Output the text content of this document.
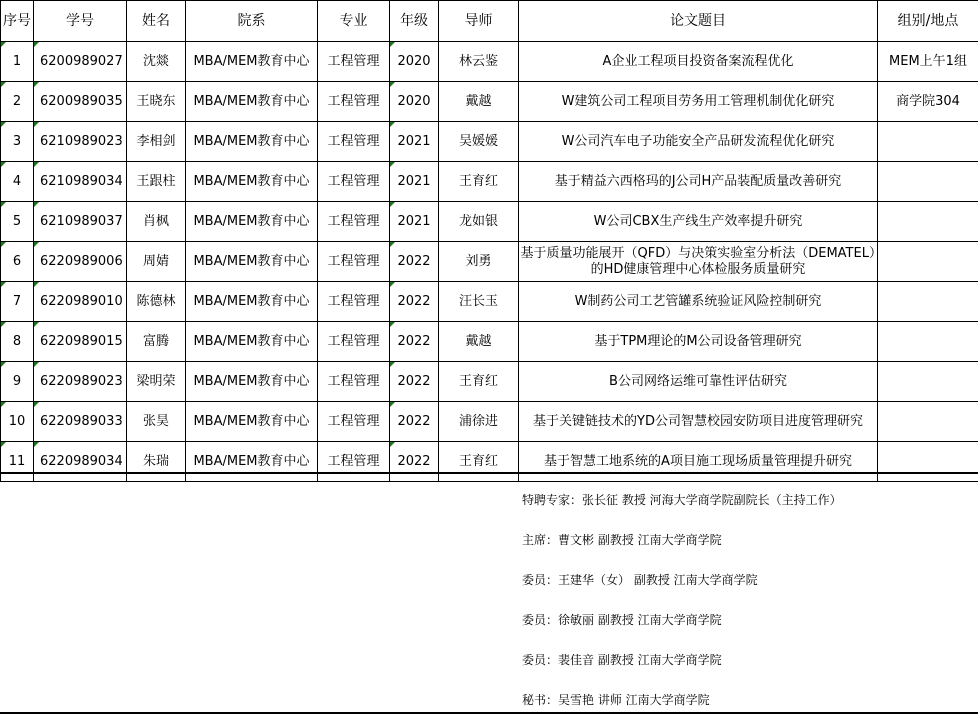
序号	学号	姓名	院系	专业	年级	导师	论文题目	组别/地点
1	6200989027	沈燚	MBA/MEM教育中心	工程管理	2020	林云鉴	A企业工程项目投资备案流程优化	MEM上午1组
2	6200989035	王晓东	MBA/MEM教育中心	工程管理	2020	戴越	W建筑公司工程项目劳务用工管理机制优化研究	商学院304
3	6210989023	李相剑	MBA/MEM教育中心	工程管理	2021	吴媛媛	W公司汽车电子功能安全产品研发流程优化研究	
4	6210989034	王跟柱	MBA/MEM教育中心	工程管理	2021	王育红	基于精益六西格玛的J公司H产品装配质量改善研究	
5	6210989037	肖枫	MBA/MEM教育中心	工程管理	2021	龙如银	W公司CBX生产线生产效率提升研究	
6	6220989006	周婧	MBA/MEM教育中心	工程管理	2022	刘勇	基于质量功能展开（QFD）与决策实验室分析法（DEMATEL）的HD健康管理中心体检服务质量研究	
7	6220989010	陈德林	MBA/MEM教育中心	工程管理	2022	汪长玉	W制药公司工艺管罐系统验证风险控制研究	
8	6220989015	富腾	MBA/MEM教育中心	工程管理	2022	戴越	基于TPM理论的M公司设备管理研究	
9	6220989023	梁明荣	MBA/MEM教育中心	工程管理	2022	王育红	B公司网络运维可靠性评估研究	
10	6220989033	张昊	MBA/MEM教育中心	工程管理	2022	浦徐进	基于关键链技术的YD公司智慧校园安防项目进度管理研究	
11	6220989034	朱瑞	MBA/MEM教育中心	工程管理	2022	王育红	基于智慧工地系统的A项目施工现场质量管理提升研究	
特聘专家：张长征 教授 河海大学商学院副院长（主持工作）
主席：曹文彬 副教授 江南大学商学院
委员：王建华（女） 副教授 江南大学商学院
委员：徐敏丽 副教授 江南大学商学院
委员：裴佳音 副教授 江南大学商学院
秘书：吴雪艳 讲师 江南大学商学院
